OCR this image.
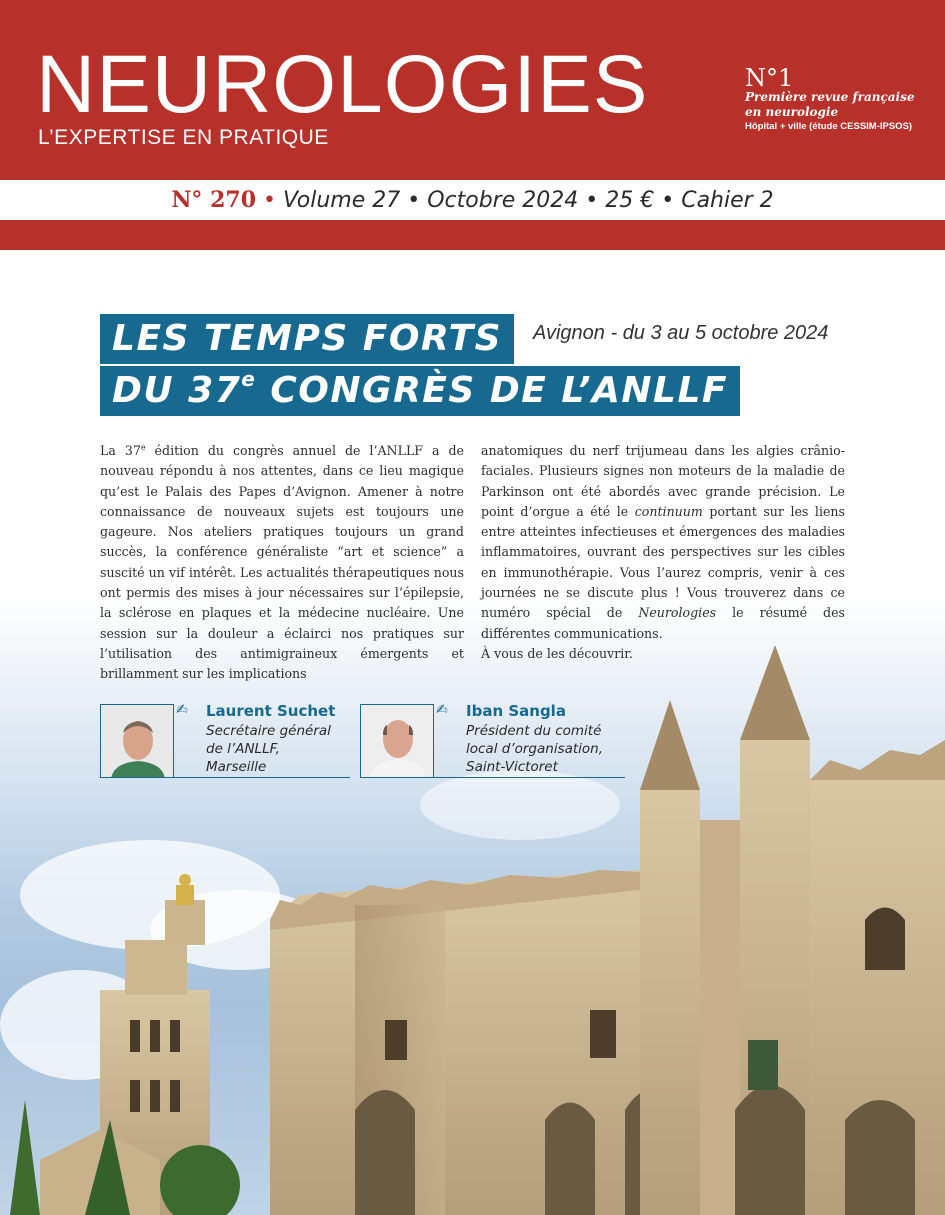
NEUROLOGIES
L’EXPERTISE EN PRATIQUE
N°1
Première revue française
en neurologie
Hôpital + ville (étude CESSIM-IPSOS)
N° 270 • Volume 27 • Octobre 2024 • 25 € • Cahier 2
LES TEMPS FORTS
DU 37e CONGRÈS DE L’ANLLF
Avignon - du 3 au 5 octobre 2024

La 37e édition du congrès annuel de l’ANLLF a de nouveau répondu à nos attentes, dans ce lieu magique qu’est le Palais des Papes d’Avignon. Amener à notre connaissance de nouveaux sujets est toujours une gageure. Nos ateliers pratiques toujours un grand succès, la conférence généraliste “art et science” a suscité un vif intérêt. Les actualités thérapeutiques nous ont permis des mises à jour nécessaires sur l’épilepsie, la sclérose en plaques et la médecine nucléaire. Une session sur la douleur a éclairci nos pratiques sur l’utilisation des antimigraineux émergents et brillamment sur les implications

anatomiques du nerf trijumeau dans les algies crânio-faciales. Plusieurs signes non moteurs de la maladie de Parkinson ont été abordés avec grande précision. Le point d’orgue a été le continuum portant sur les liens entre atteintes infectieuses et émergences des maladies inflammatoires, ouvrant des perspectives sur les cibles en immunothérapie. Vous l’aurez compris, venir à ces journées ne se discute plus ! Vous trouverez dans ce numéro spécial de Neurologies le résumé des différentes communications.

À vous de les découvrir.

✍	Laurent Suchet
Secrétaire général
de l’ANLLF,
Marseille
✍	Iban Sangla
Président du comité
local d’organisation,
Saint-Victoret
